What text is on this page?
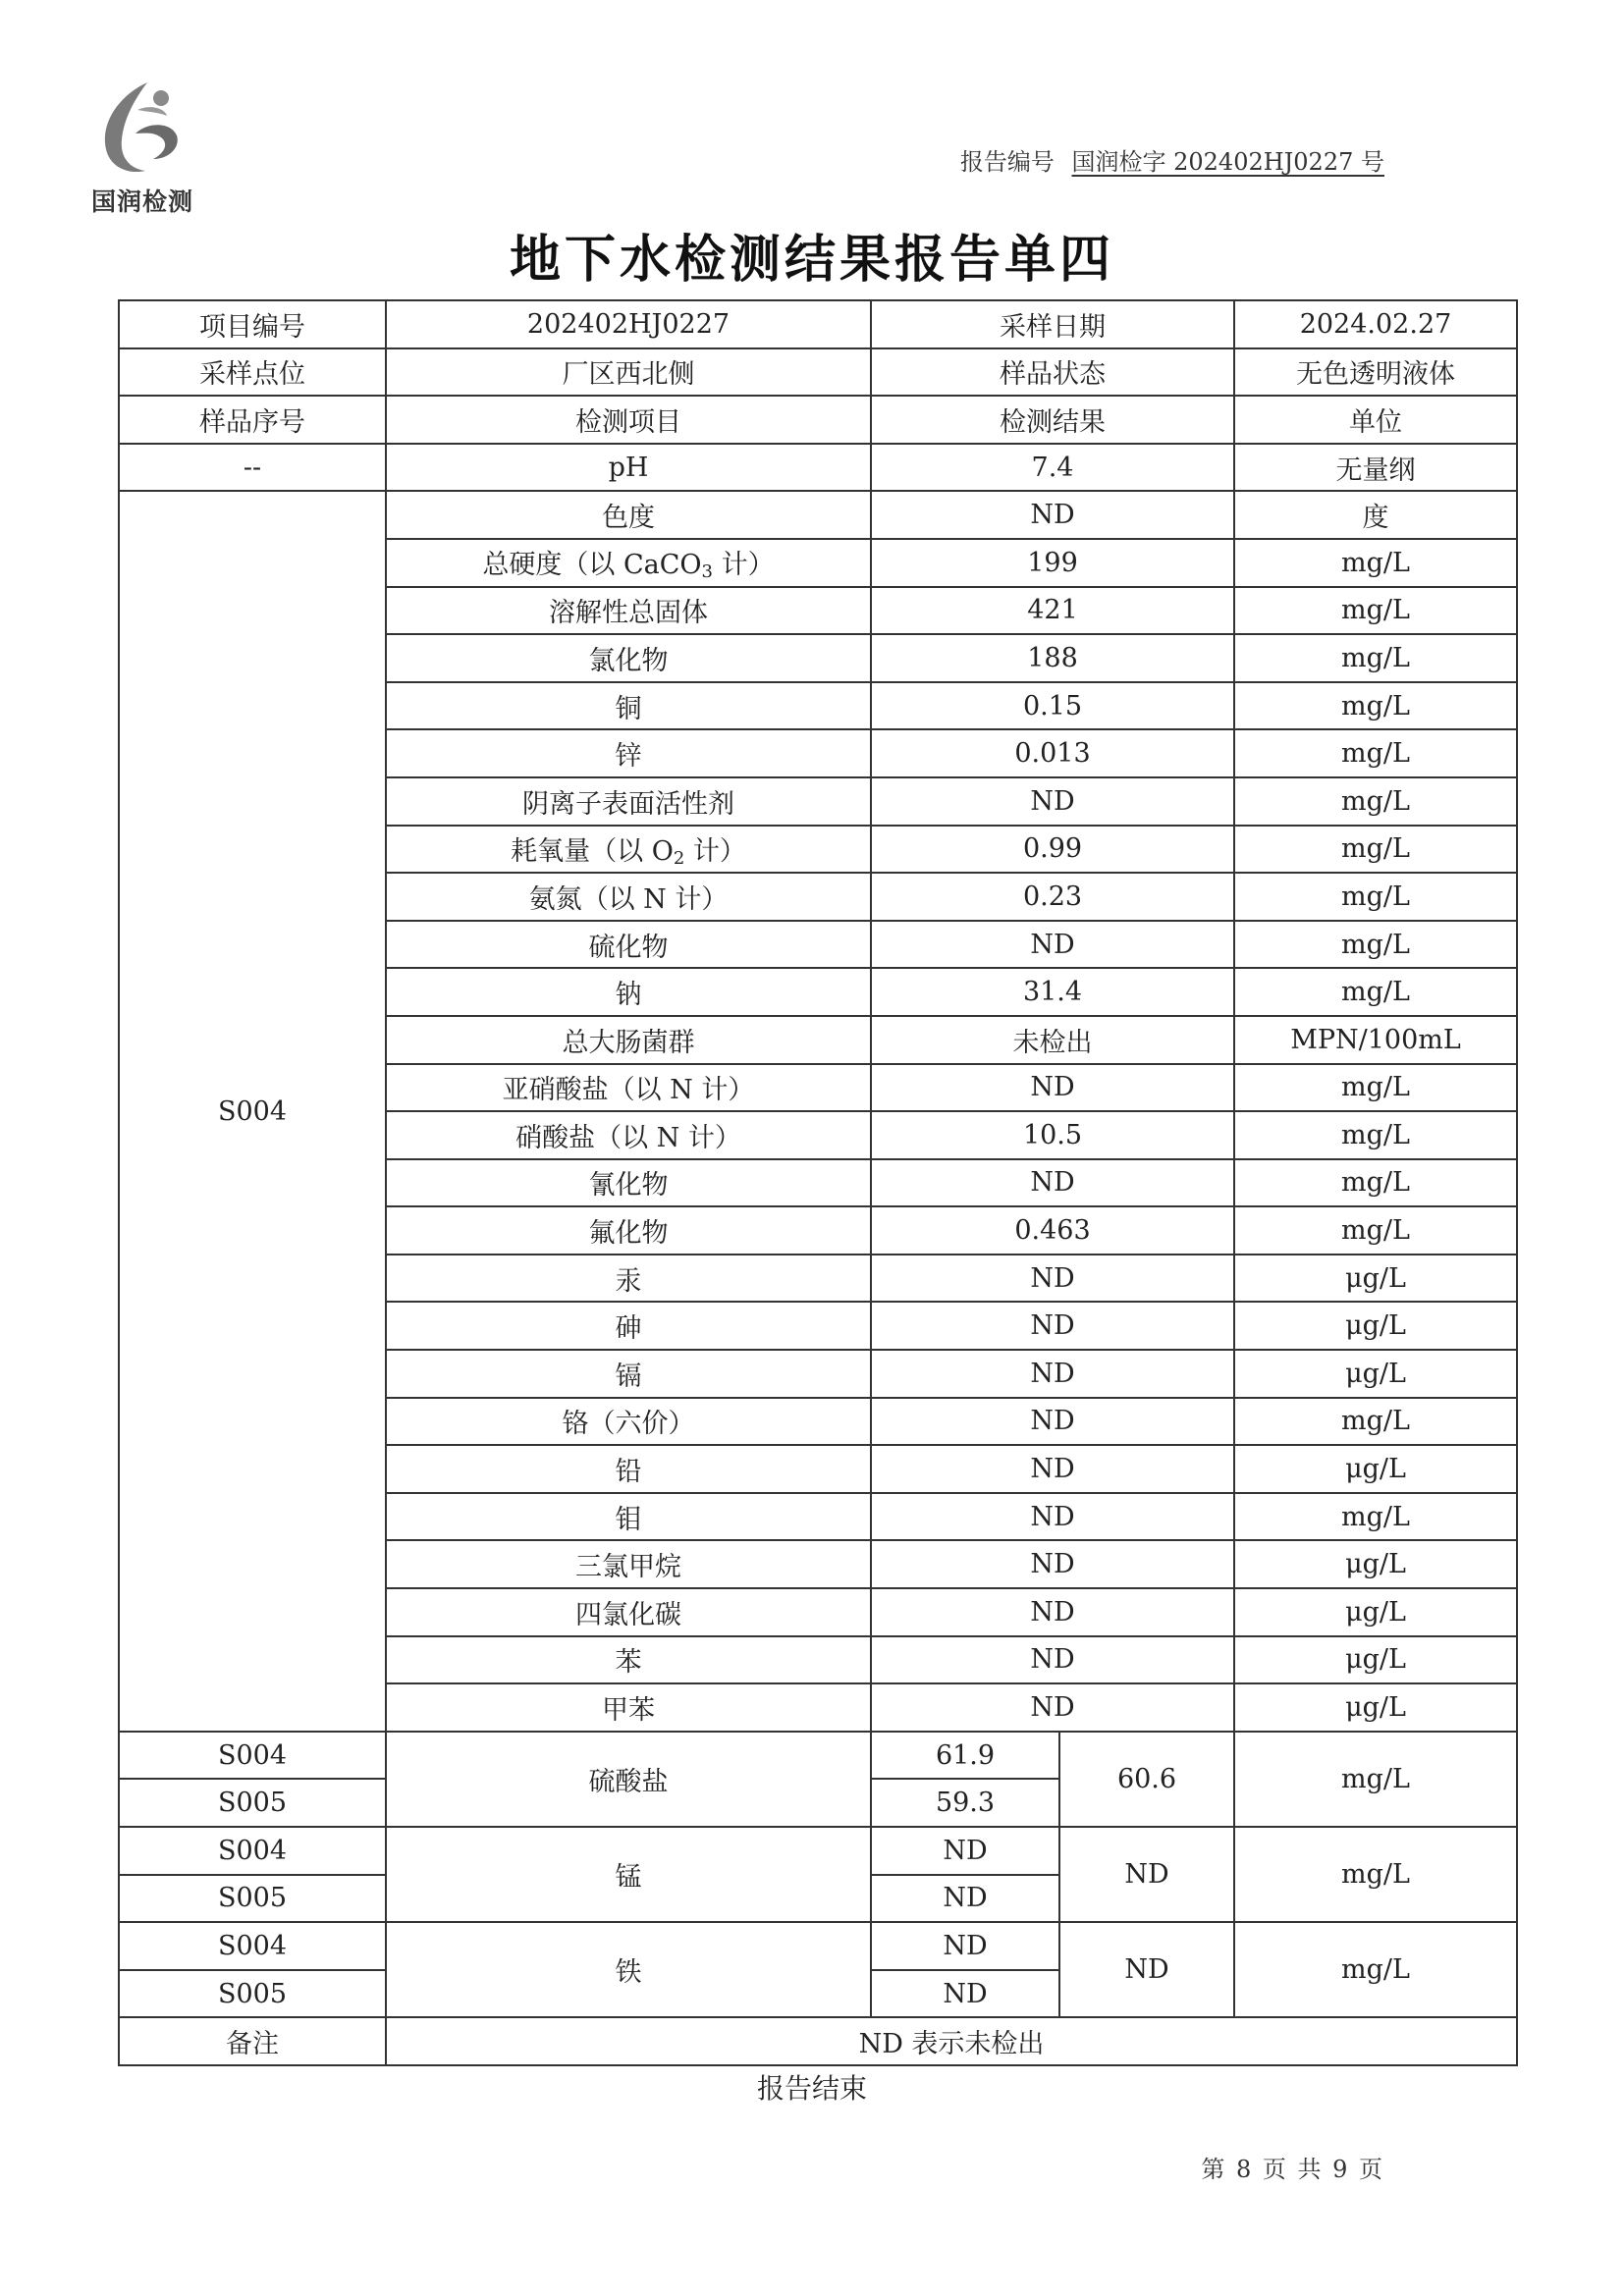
国润检测
报告编号 国润检字 202402HJ0227 号
地下水检测结果报告单四
项目编号	202402HJ0227	采样日期		2024.02.27
采样点位	厂区西北侧	样品状态		无色透明液体
样品序号	检测项目	检测结果		单位
--	pH	7.4		无量纲
S004	色度	ND		度
	总硬度（以 CaCO$_3$ 计）	199		mg/L
	溶解性总固体	421		mg/L
	氯化物	188		mg/L
	铜	0.15		mg/L
	锌	0.013		mg/L
	阴离子表面活性剂	ND		mg/L
	耗氧量（以 $O_2$ 计）	0.99		mg/L
	氨氮（以 N 计）	0.23		mg/L
	硫化物	ND		mg/L
	钠	31.4		mg/L
	总大肠菌群	未检出		MPN/100mL
	亚硝酸盐（以 N 计）	ND		mg/L
	硝酸盐（以 N 计）	10.5		mg/L
	氰化物	ND		mg/L
	氟化物	0.463		mg/L
	汞	ND		μg/L
	砷	ND		μg/L
	镉	ND		μg/L
	铬（六价）	ND		mg/L
	铅	ND		μg/L
	钼	ND		mg/L
	三氯甲烷	ND		μg/L
	四氯化碳	ND		μg/L
	苯	ND		μg/L
	甲苯	ND		μg/L
S004	硫酸盐	61.9	60.6	mg/L
S005		59.3		
S004	锰	ND	ND	mg/L
S005		ND		
S004	铁	ND	ND	mg/L
S005		ND		
备注	ND 表示未检出			
报告结束
第 8 页 共 9 页
